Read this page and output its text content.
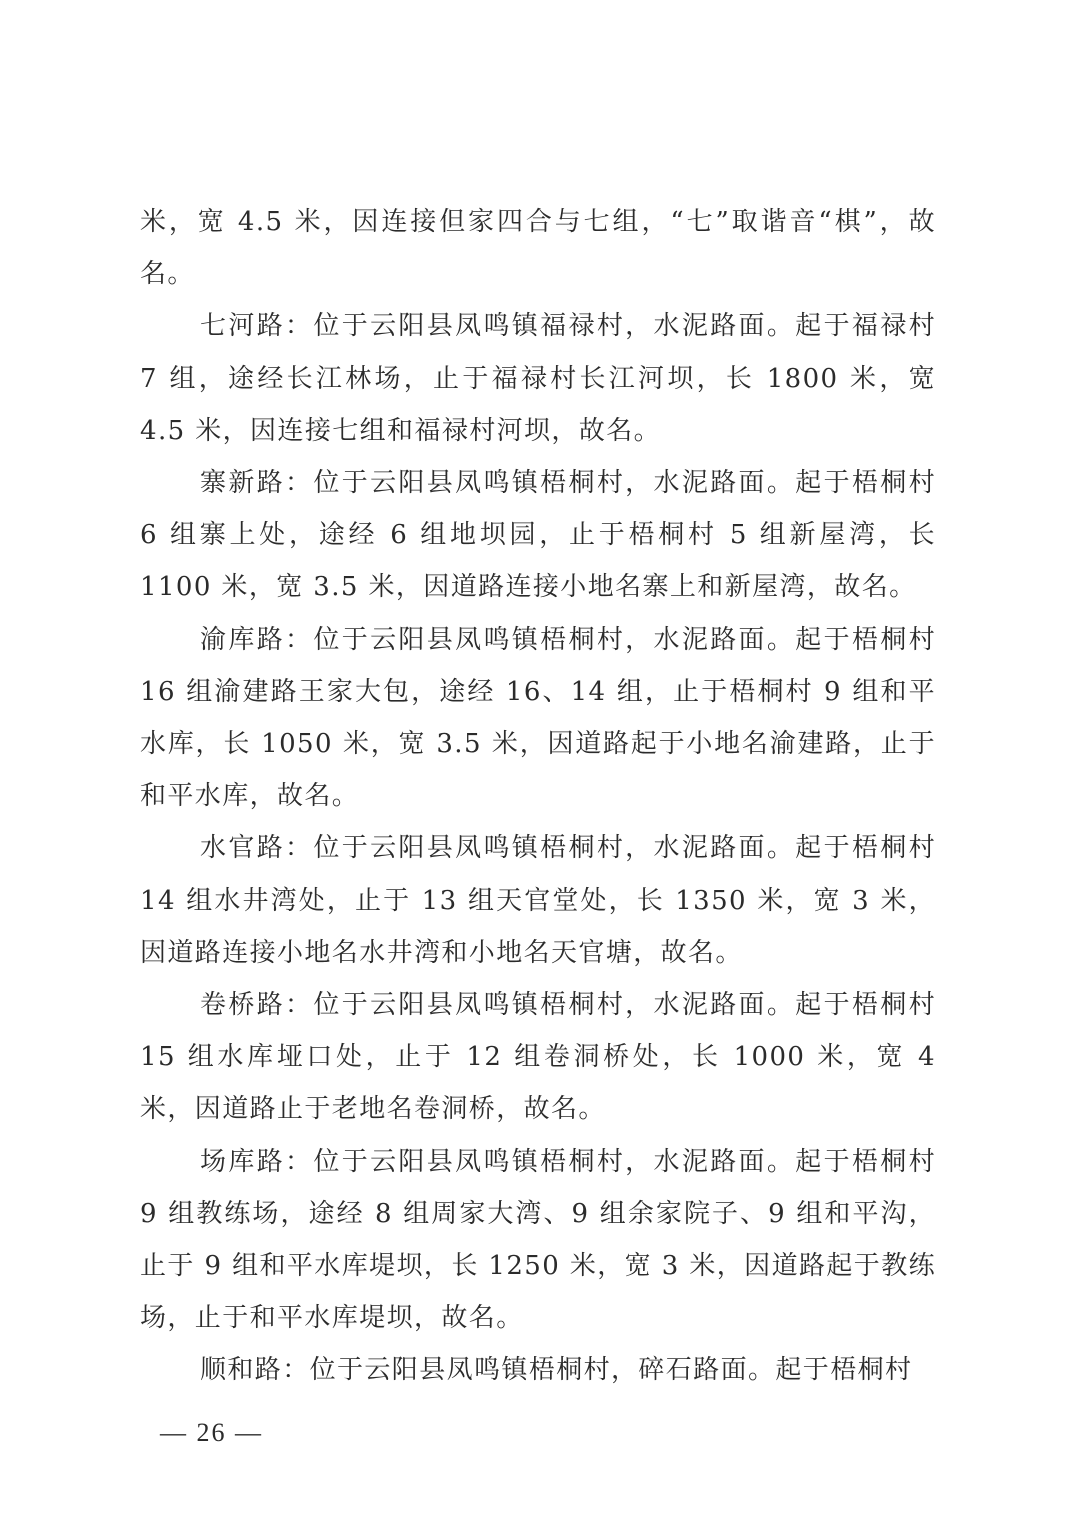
米，宽 4.5 米，因连接但家四合与七组，“七”取谐音“棋”，故名。

七河路：位于云阳县凤鸣镇福禄村，水泥路面。起于福禄村 7 组，途经长江林场，止于福禄村长江河坝，长 1800 米，宽 4.5 米，因连接七组和福禄村河坝，故名。

寨新路：位于云阳县凤鸣镇梧桐村，水泥路面。起于梧桐村 6 组寨上处，途经 6 组地坝园，止于梧桐村 5 组新屋湾，长 1100 米，宽 3.5 米，因道路连接小地名寨上和新屋湾，故名。

渝库路：位于云阳县凤鸣镇梧桐村，水泥路面。起于梧桐村 16 组渝建路王家大包，途经 16、14 组，止于梧桐村 9 组和平水库，长 1050 米，宽 3.5 米，因道路起于小地名渝建路，止于和平水库，故名。

水官路：位于云阳县凤鸣镇梧桐村，水泥路面。起于梧桐村 14 组水井湾处，止于 13 组天官堂处，长 1350 米，宽 3 米，因道路连接小地名水井湾和小地名天官塘，故名。

卷桥路：位于云阳县凤鸣镇梧桐村，水泥路面。起于梧桐村 15 组水库垭口处，止于 12 组卷洞桥处，长 1000 米，宽 4 米，因道路止于老地名卷洞桥，故名。

场库路：位于云阳县凤鸣镇梧桐村，水泥路面。起于梧桐村 9 组教练场，途经 8 组周家大湾、9 组余家院子、9 组和平沟，止于 9 组和平水库堤坝，长 1250 米，宽 3 米，因道路起于教练场，止于和平水库堤坝，故名。

顺和路：位于云阳县凤鸣镇梧桐村，碎石路面。起于梧桐村

— 26 —
